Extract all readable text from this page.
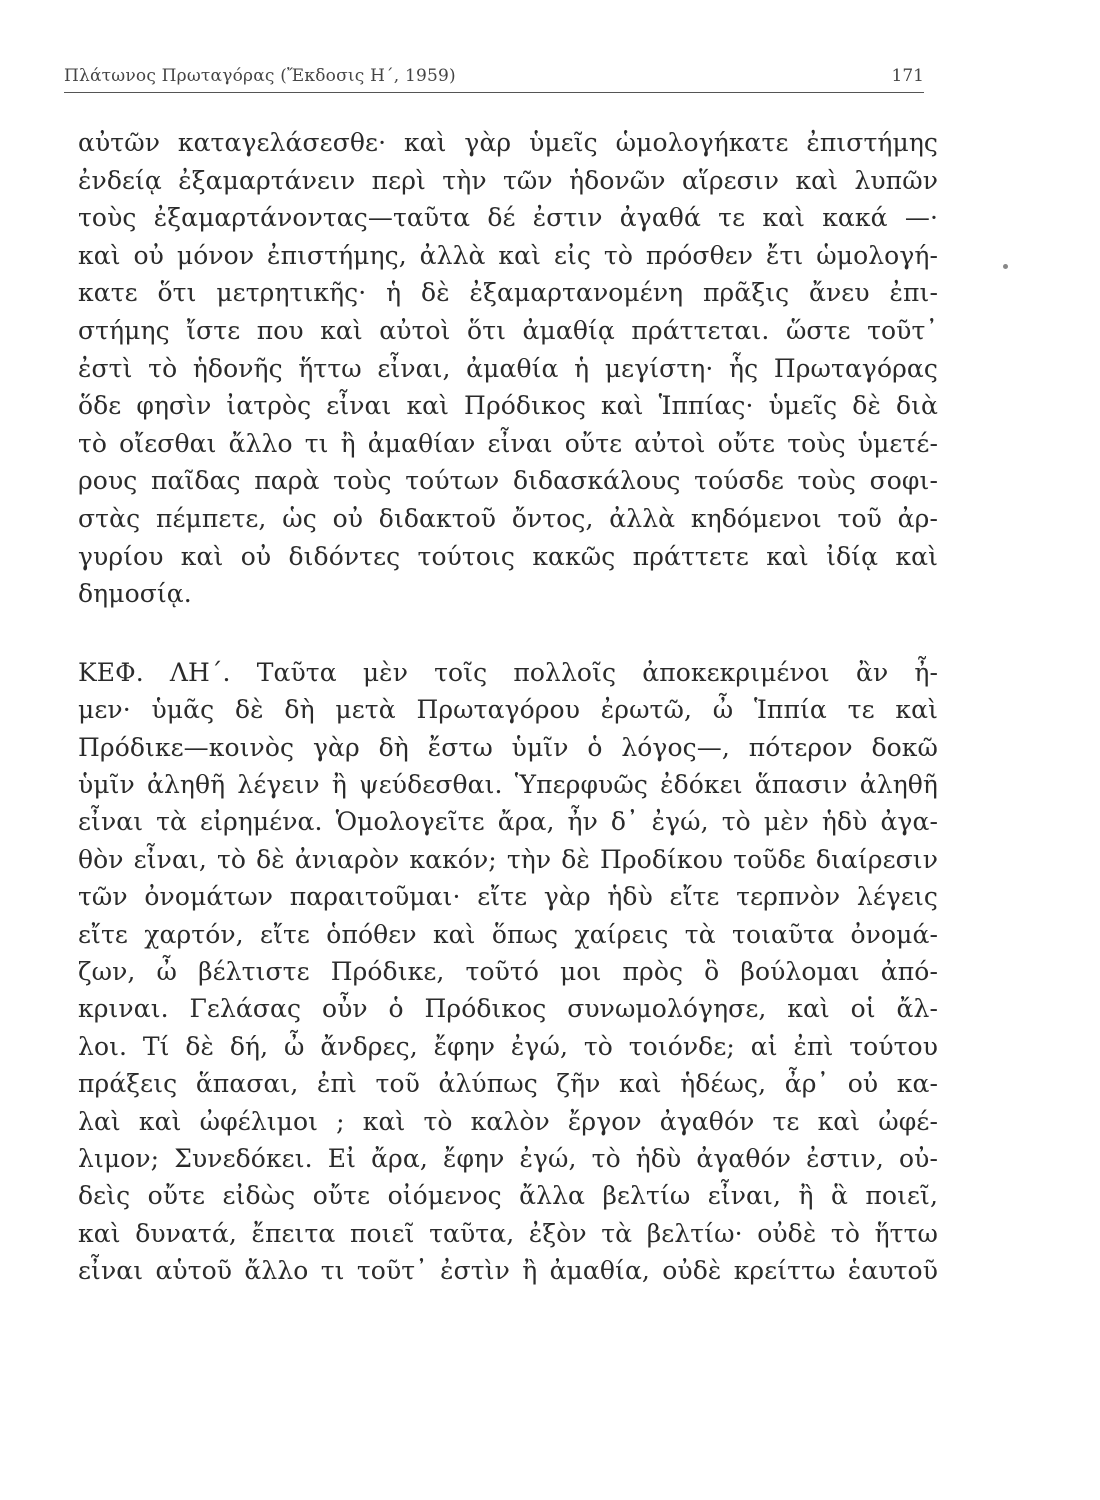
Πλάτωνος Πρωταγόρας (Ἔκδοσις Η΄, 1959)	171
αὐτῶν καταγελάσεσθε· καὶ γὰρ ὑμεῖς ὡμολογήκατε ἐπιστήμης
ἐνδείᾳ ἐξαμαρτάνειν περὶ τὴν τῶν ἡδονῶν αἵρεσιν καὶ λυπῶν
τοὺς ἐξαμαρτάνοντας—ταῦτα δέ ἐστιν ἀγαθά τε καὶ κακά —·
καὶ οὐ μόνον ἐπιστήμης, ἀλλὰ καὶ εἰς τὸ πρόσθεν ἔτι ὡμολογή-
κατε ὅτι μετρητικῆς· ἡ δὲ ἐξαμαρτανομένη πρᾶξις ἄνευ ἐπι-
στήμης ἴστε που καὶ αὐτοὶ ὅτι ἀμαθίᾳ πράττεται. ὥστε τοῦτ᾽
ἐστὶ τὸ ἡδονῆς ἥττω εἶναι, ἀμαθία ἡ μεγίστη· ἧς Πρωταγόρας
ὅδε φησὶν ἰατρὸς εἶναι καὶ Πρόδικος καὶ Ἱππίας· ὑμεῖς δὲ διὰ
τὸ οἴεσθαι ἄλλο τι ἢ ἀμαθίαν εἶναι οὔτε αὐτοὶ οὔτε τοὺς ὑμετέ-
ρους παῖδας παρὰ τοὺς τούτων διδασκάλους τούσδε τοὺς σοφι-
στὰς πέμπετε, ὡς οὐ διδακτοῦ ὄντος, ἀλλὰ κηδόμενοι τοῦ ἀρ-
γυρίου καὶ οὐ διδόντες τούτοις κακῶς πράττετε καὶ ἰδίᾳ καὶ
δημοσίᾳ.
ΚΕΦ. ΛΗ΄. Ταῦτα μὲν τοῖς πολλοῖς ἀποκεκριμένοι ἂν ἦ-
μεν· ὑμᾶς δὲ δὴ μετὰ Πρωταγόρου ἐρωτῶ, ὦ Ἱππία τε καὶ
Πρόδικε—κοινὸς γὰρ δὴ ἔστω ὑμῖν ὁ λόγος—, πότερον δοκῶ
ὑμῖν ἀληθῆ λέγειν ἢ ψεύδεσθαι. Ὑπερφυῶς ἐδόκει ἅπασιν ἀληθῆ
εἶναι τὰ εἰρημένα. Ὁμολογεῖτε ἄρα, ἦν δ᾽ ἐγώ, τὸ μὲν ἡδὺ ἀγα-
θὸν εἶναι, τὸ δὲ ἀνιαρὸν κακόν; τὴν δὲ Προδίκου τοῦδε διαίρεσιν
τῶν ὀνομάτων παραιτοῦμαι· εἴτε γὰρ ἡδὺ εἴτε τερπνὸν λέγεις
εἴτε χαρτόν, εἴτε ὁπόθεν καὶ ὅπως χαίρεις τὰ τοιαῦτα ὀνομά-
ζων, ὦ βέλτιστε Πρόδικε, τοῦτό μοι πρὸς ὃ βούλομαι ἀπό-
κριναι. Γελάσας οὖν ὁ Πρόδικος συνωμολόγησε, καὶ οἱ ἄλ-
λοι. Τί δὲ δή, ὦ ἄνδρες, ἔφην ἐγώ, τὸ τοιόνδε; αἱ ἐπὶ τούτου
πράξεις ἅπασαι, ἐπὶ τοῦ ἀλύπως ζῆν καὶ ἡδέως, ἆρ᾽ οὐ κα-
λαὶ καὶ ὠφέλιμοι ; καὶ τὸ καλὸν ἔργον ἀγαθόν τε καὶ ὠφέ-
λιμον; Συνεδόκει. Εἰ ἄρα, ἔφην ἐγώ, τὸ ἡδὺ ἀγαθόν ἐστιν, οὐ-
δεὶς οὔτε εἰδὼς οὔτε οἰόμενος ἄλλα βελτίω εἶναι, ἢ ἃ ποιεῖ,
καὶ δυνατά, ἔπειτα ποιεῖ ταῦτα, ἐξὸν τὰ βελτίω· οὐδὲ τὸ ἥττω
εἶναι αὑτοῦ ἄλλο τι τοῦτ᾽ ἐστὶν ἢ ἀμαθία, οὐδὲ κρείττω ἑαυτοῦ
